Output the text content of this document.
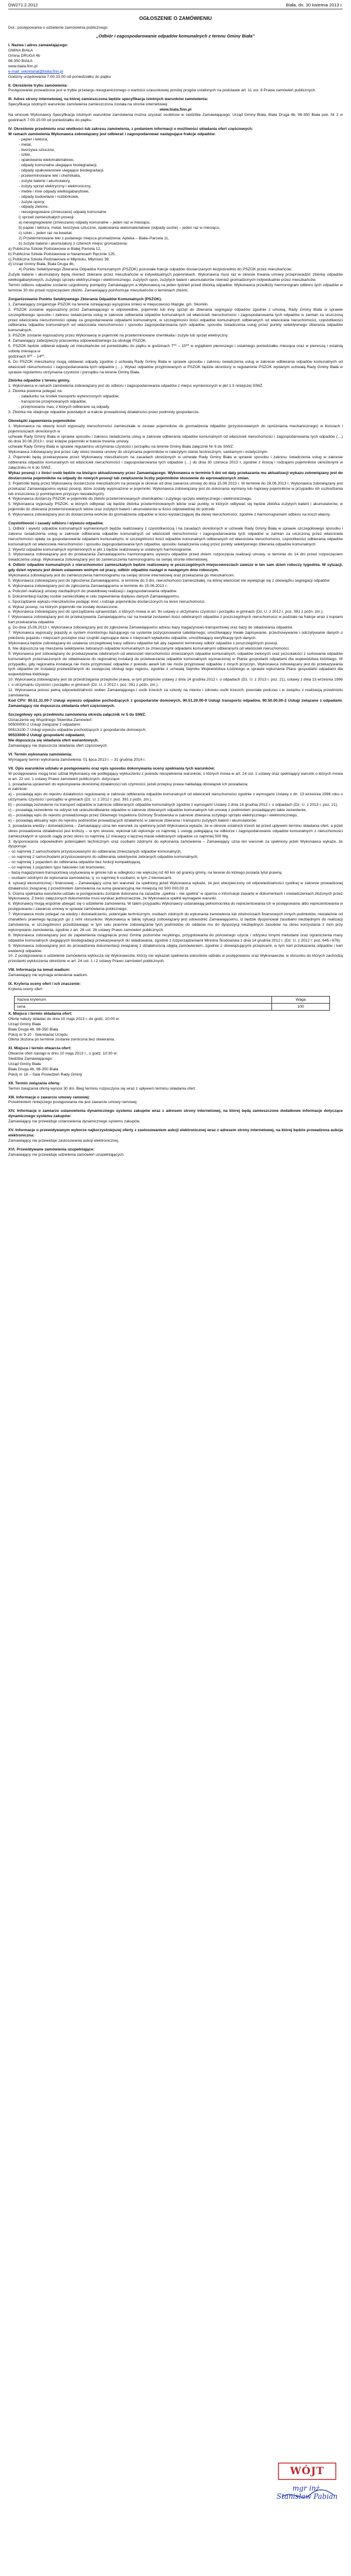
DW271.2.2012	Biała, dn. 30 kwietnia 2013 r.
OGŁOSZENIE O ZAMÓWIENIU
Dot.: postępowania o udzielenie zamówienia publicznego:
„Odbiór i zagospodarowanie odpadów komunalnych z terenu Gminy Biała”

I. Nazwa i adres zamawiającego:

GMINA BIAŁA

Gmina DRUGA 4b

98-350 BIAŁA

www.biala.finn.pl

e-mail: sekretariat@biala.finn.pl

Godziny urzędowania 7.00-15.00 od poniedziałku do piątku

II. Określenie trybu zamówienia:

Postępowanie prowadzone jest w trybie przetargu nieograniczonego o wartości szacunkowej poniżej progów ustalonych na podstawie art. 11 ust. 8 Prawa zamówień publicznych.

III. Adres strony internetowej, na której zamieszczona będzie specyfikacja istotnych warunków zamówienia:

Specyfikacja istotnych warunków zamówienia zamieszczona została na stronie internetowej:

www.biala.finn.pl

Na wniosek Wykonawcy Specyfikacja istotnych warunków zamówienia można uzyskać osobiście w siedzibie Zamawiającego: Urząd Gminy Biała, Biała Druga 4b, 98-350 Biała pok. Nr 2 w godzinach 7:00-15:00 od poniedziałku do piątku.

IV. Określenie przedmiotu oraz wielkości lub zakresu zamówienia, z podaniem informacji o możliwości składania ofert częściowych:

W ramach zamówienia Wykonawca zobowiązany jest odbierać i zagospodarować następujące frakcje odpadów:

- papier i tektura,

- metal,

- tworzywa sztuczne,

- szkło,

- opakowania wielomateriałowe,

- odpady komunalne ulegające biodegradacji,

- odpady opakowaniowe ulegające biodegradacji,

- przeterminowane leki i chemikalia,

- zużyte baterie i akumulatory,

- zużyty sprzęt elektryczny i elektroniczny,

- meble i inne odpady wielkogabarytowe,

- odpady budowlane i rozbiórkowe,

- zużyte opony,

- odpady zielone,

- niesegregowane (zmieszane) odpady komunalne

i) sprzed zamieszkałych posesji:

a) niesegregowane (zmieszane) odpady komunalne – jeden raz w miesiącu,

b) papier i tektura, metal, tworzywa sztuczne, opakowania wielomateriałowe (odpady suche) – jeden raz w miesiącu,

c) szkło – jeden raz na kwartał.

2) Przeterminowane leki z podanego miejsca gromadzenia: Apteka – Biała–Parcela 11,

b) zużyte baterie i akumulatory z czterech miejsc gromadzenia:

a) Publiczna Szkoła Podstawowa w Białej Parcela 12,

b) Publiczna Szkoła Podstawowa w Naramicach Ręcznie 125,

c) Publiczna Szkoła Podstawowa w Młynisku, Młynisko 39,

d) Urząd Gminy Biała, Biała Druga 4b,

4) Punktu Selektywnego Zbierania Odpadów Komunalnych (PSZOK) pozostałe frakcje odpadów dostarczanych bezpośrednio do PSZOK przez mieszkańców.

Zużyte baterie i akumulatory będą również zbierane przez mieszkańców w indywidualnych pojemnikach. Wykonawca musi raz w okresie trwania umowy przeprowadzić zbiórkę odpadów wielkogabarytowych, zużytego sprzętu elektrycznego i elektronicznego, zużytych opon, zużytych baterii i akumulatorów również gromadzonych indywidualnie przez mieszkańców.

Termin odbioru odpadów zostanie uzgodniony pomiędzy Zamawiającym a Wykonawcą na jeden tydzień przed zbiórką odpadów. Wykonawca przedłoży harmonogram odbioru tych odpadów w terminie 30 dni przed rozpoczęciem zbiórki. Zamawiający poinformuje mieszkańców o terminach zbiórki.

Zorganizowanie Punktu Selektywnego Zbierania Odpadów Komunalnych (PSZOK).

1. Zamawiający zorganizuje PSZOK na terenie istniejącego wysypiska śmieci w miejscowości Mazgłe, gm. Skomlin.

2. PSZOK zostanie wyposażony przez Zamawiającego w odpowiednie, pojemniki lub inny sprzęt do zbierania segregacji odpadów zgodnie z umową. Rady Gminy Biała w sprawie szczegółowego sposobu i zakresu świadczenia usług w zakresie odbierania odpadów komunalnych od właścicieli nieruchomości i zagospodarowania tych odpadów w zamian za uiszczoną przez właściciela nieruchomości opłatę za gospodarowanie odpadami komunalnymi, w szczególności ilości odpadów komunalnych odbieranych od właściciela nieruchomości, częstotliwości odbierania odpadów komunalnych od właściciela nieruchomości i sposobu zagospodarowania tych odpadów, sposobu świadczenia usług przez punkty selektywnego zbierania odpadów komunalnych.

3. PSZOK zostanie wyposażony przez Wykonawcę w pojemniki na przeterminowane chemikalia i zużyte lub sprzęt elektryczny.

4. Zamawiający zabezpieczy pracownika odpowiedzialnego za obsługę PSZOK.

5. PSZOK będzie odbierał odpady od mieszkańców od poniedziałku do piątku w godzinach 7⁰⁰ – 15⁰⁰ w wyjątkiem pierwszego i ostatniego poniedziałku miesiąca oraz w pierwszą i ostatnią sobotę miesiąca w

godzinach 8⁰⁰ – 14⁰⁰.

6. Do PSZOK mieszkańcy mogą oddawać odpady zgodnie z uchwałą Rady Gminy Biała w sprawie sposobu i zakresu świadczenia usług w zakresie odbierania odpadów komunalnych od właścicieli nieruchomości i zagospodarowania tych odpadów (…). Wykaz odpadów przyjmowanych w PSZOK będzie określony w regulaminie PSZOK wydanym uchwałą Rady Gminy Biała w sprawie regulaminu utrzymania czystości i porządku na terenie Gminy Biała.

Zbiórka odpadów z terenu gminy.

1. Wykonawca w ramach zamówienia zobowiązany jest do odbioru i zagospodarowania odpadów z miejsc wymienionych w pkt 1.3 niniejszej SIWZ.

2. Zbiórka powinna polegać na:

- załadunku na środek transportu wytworzonych odpadów,

- transporcie przejmowanych odpadów,

- przejmowaniu mas, z których odbierane są odpady.

3. Zbiórka nie obejmuje odpadów powstałych w trakcie prowadzonej działalności przez podmioty gospodarcze.

Obowiązki zapewnienia pojemników

1. Wykonawca na własny koszt wyposaży nieruchomości zamieszkałe w zestaw pojemników do gromadzenia odpadów (przystosowanych do opróżniania mechanicznego) w ilościach i pojemnościach określonych w

uchwale Rady Gminy Biała w sprawie sposobu i zakresu świadczenia usług w zakresie odbierania odpadów komunalnych od właścicieli nieruchomości i zagospodarowania tych odpadów (…) do dnia 30.06.2013 r. oraz kolejne pojemniki w trakcie trwania umowy.

uchwale Rady Gminy Biała w sprawie regulaminu utrzymania czystości i porządku na terenie Gminy Biała załącznik Nr 6 do SIWZ.

Wykonawca zobowiązany jest przez cały okres trwania umowy do utrzymania pojemników w należytym stanie technicznym, sanitarnym i estetycznym.

2. Pojemniki będą przekazywane przez Wykonawcę mieszkańcom na zasadach określonych w uchwale Rady Gminy Biała w sprawie sposobu i zakresu świadczenia usług w zakresie odbierania odpadów komunalnych od właścicieli nieruchomości i zagospodarowania tych odpadów (…) do dnia 30 czerwca 2013 r. zgodnie z ilością i rodzajami pojemników określonymi w załączniku nr 6 do SIWZ.

Wykaz posesji i z ilości osób będzie na bieżąco aktualizowany przez Zamawiającego. Wykonawca w terminie 5 dni od daty przekazania mu aktualizacji wykazu zobowiązany jest do dostarczenia pojemników na odpady do nowych posesji lub zwiększenia liczby pojemników stosownie do wprowadzonych zmian.

3. Pojemniki będą przez Wykonawcę dostarczone mieszkańcom na posesje w okresie od dnia zawarcia umowy do dnia 15.06.2013 r. W terminie do 28.06.2013 r. Wykonawca zobowiązany jest przekazać Zamawiającemu wykaz posesji, które zostały wyposażone w pojemniki. Wykonawca zobowiązany jest do dokonania wymiany lub naprawy pojemników w przypadku ich uszkodzenia lub zniszczenia (z pominięciem przyczyn niezależnych).

4. Wykonawca dostarczy PSZOK w pojemniki do zbiórki przeterminowanych chemikaliów i zużytego sprzętu elektrycznego i elektronicznego.

5. Wykonawca wyposaży PSZOK, w których odbywać się będzie zbiórka przeterminowanych leków oraz punkty, w których odbywać się będzie zbiórka zużytych baterii i akumulatorów, w pojemniki do zbierania przeterminowanych leków oraz zużytych baterii i akumulatorów w ilości odpowiedniej do potrzeb

6. Wykonawca zobowiązany jest do dostarczenia worków do gromadzenia odpadów w ilości wystarczającej dla danej nieruchomości, zgodnie z harmonogramem odbioru na koszt własny.

Częstotliwość i zasady odbioru i wywozu odpadów.

1. Odbiór i wywóz odpadów komunalnych wymienionych będzie realizowany z częstotliwością i na zasadach określonych w uchwale Rady Gminy Biała w sprawie szczegółowego sposobu i zakresu świadczenia usług w zakresie odbierania odpadów komunalnych od właścicieli nieruchomości i zagospodarowania tych odpadów w zamian za uiszczoną przez właściciela nieruchomości opłatę za gospodarowanie odpadami komunalnymi, w szczególności ilości odpadów komunalnych odbieranych od właściciela nieruchomości, częstotliwości odbierania odpadów komunalnych od właściciela nieruchomości i sposobu zagospodarowania tych odpadów, sposobu świadczenia usług przez punkty selektywnego zbierania odpadów komunalnych

2. Wywóz odpadów komunalnych wymienionych w pkt 1 będzie realizowany w ustalonym harmonogramie.

3. Wykonawca zobowiązany jest do przekazania Zamawiającemu harmonogramu wywozu odpadów przed dniem rozpoczęcia realizacji umowy, w terminie do 14 dni przed rozpoczęciem świadczenia usługi. Wykonawca zobowiązany jest do zamieszczenia harmonogramu na swojej stronie internetowej.

4. Odbiór odpadów komunalnych z nieruchomości zamieszkałych będzie realizowany w poszczególnych miejscowościach zawsze w ten sam dzień roboczy tygodnia. W sytuacji, gdy dzień wywozu jest dniem ustawowo wolnym od pracy, odbiór odpadów nastąpi w następnym dniu roboczym.

Wykonawca zobowiązany jest do zamieszczenia harmonogramu na swojej stronie internetowej oraz przekazania go mieszkańcom.

5. Wykonawca zobowiązany jest do zgłoszenia Zamawiającemu, w terminie do 3 dni, nieruchomości zamieszkałej, na której właściciel nie wywiązuje się z obowiązku segregacji odpadów

6. Wykonawca zobowiązany jest do zgłoszenia Zamawiającemu w terminie do 15.06.2013 r.:

a. Policzeń realizacji umowy niezbędnych do prawidłowej realizacji i zagospodarowania odpadów.

b. Dokumentacji każdej osobie zamieszkałej w celu zapewnienia dopływu danych Zamawiającemu.

c. Sporządzanie wykazu mieszkańców podając ilość i rodzaje pojemników dostarczonych na teren nieruchomości.

d. Wykaz posesji, na których pojemniki nie zostały dostarczone.

e. Wykonawca zobowiązany jest do sporządzania sprawozdań, o których mowa w art. 9n ustawy o utrzymaniu czystości i porządku w gminach (Dz. U. z 2012 r. poz. 391 z późn. zm.).

f. Wykonawca zobowiązany jest do przekazywania Zamawiającemu raz na kwartał zestawień ilości odebranych odpadów z poszczególnych nieruchomości w podziale na frakcje wraz z kopiami kart przekazania odpadów.

g. Do dnia 15.06.2013 r. Wykonawca zobowiązany jest do zgłoszenia Zamawiającemu adresu bazy magazynowo-transportowej oraz bazy do składowania odpadów.

7. Wykonawca wyposaży pojazdy w system monitoringu bazującego na systemie pozycjonowania satelitarnego, umożliwiający trwałe zapisywanie, przechowywanie i odczytywanie danych o położeniu pojazdu i miejscach postojów oraz czujniki zapisujące dane o miejscach wyładunku odpadów, umożliwiający weryfikację tych danych.

Wykonawca będzie zobowiązany do ustalenia szczegółowej trasy odbioru odpadów tak aby zapewnić terminowy odbiór odpadów z poszczególnych posesji.

8. Nie dopuszcza się mieszania selektywnie zebranych odpadów komunalnych ze zmieszanymi odpadami komunalnymi odbieranymi od właścicieli nieruchomości.

9. Wykonawca jest zobowiązany do przekazywania odebranych od właścicieli nieruchomości zmieszanych odpadów komunalnych, odpadów zielonych oraz pozostałości z sortowania odpadów komunalnych przeznaczonych do składowania do regionalnej instalacji do przetwarzania odpadów komunalnych wyznaczonej w Planie gospodarki odpadami dla województwa łódzkiego. W przypadku, gdy regionalna instalacja nie może przyjmować odpadów z powodu awarii lub nie może przyjmować odpadów z innych przyczyn, Wykonawca zobowiązany jest do przekazywania tych odpadów do instalacji przewidzianych do zastępczej obsługi tego regionu, zgodnie z uchwałą Sejmiku Województwa Łódzkiego w sprawie wykonania Planu gospodarki odpadami dla województwa łódzkiego.

10. Wykonawca zobowiązany jest do przestrzegania przepisów prawa, w tym przepisów ustawy z dnia 14 grudnia 2012 r. o odpadach (Dz. U. z 2013 r. poz. 21), ustawy z dnia 13 września 1996 r. o utrzymaniu czystości i porządku w gminach (Dz. U. z 2012 r. poz. 391 z późn. zm.).

11. Wykonawca ponosi pełną odpowiedzialność wobec Zamawiającego i osób trzecich za szkody na mieniu i zdrowiu osób trzecich, powstałe podczas i w związku z realizacją przedmiotu zamówienia.

Kod CPV: 90.51.31.00-7 Usługi wywozu odpadów pochodzących z gospodarstw domowych, 90.51.20.00-9 Usługi transportu odpadów, 90.50.00.00-2 Usługi związane z odpadami. Zamawiający nie dopuszcza składania ofert częściowych.

Szczegółowy opis przedmiotu zamówienia określa załącznik nr 5 do SIWZ.

Oznaczenie wg Wspólnego Słownika Zamówień:

90500000-2 Usługi związane z odpadami;

90513100-7 Usługi wywozu odpadów pochodzących z gospodarstw domowych;

90533000-2 Usługi gospodarki odpadami;

Nie dopuszcza się składania ofert wariantowych.

Zamawiający nie dopuszcza składania ofert częściowych.

VI. Termin wykonania zamówienia:

Wymagany termin wykonania zamówienia: 01 lipca 2013 r. – 31 grudnia 2014 r.

VII. Opis warunków udziału w postępowaniu oraz opis sposobu dokonywania oceny spełniania tych warunków:

W postępowaniu mogą brać udział Wykonawcy nie podlegający wykluczeniu z powodu niespełnienia warunków, o których mowa w art. 24 ust. 1 ustawy oraz spełniający warunki o których mowa w art. 22 ust. 1 ustawy Prawo zamówień publicznych, dotyczące:

1. posiadania uprawnień do wykonywania określonej działalności lub czynności, jeżeli przepisy prawa nakładają obowiązek ich posiadania;

w zakresie:

a) – posiadają wpis do rejestru działalności regulowanej w zakresie odbierania odpadów komunalnych od właścicieli nieruchomości zgodnie z wymogami Ustawy z dn. 13 września 1996 roku o utrzymaniu czystości i porządku w gminach (Dz. U. z 2012 r. poz. 391 z późn. zm.),

b) – posiadają zezwolenie na transport odpadów w zakresie odbieranych odpadów komunalnych zgodnie z wymogami Ustawy z dnia 14 grudnia 2012 r. o odpadach (Dz. U. z 2013 r. poz. 21),

c) – posiadają zezwolenie na odzysk lub unieszkodliwianie odpadów w zakresie zbieranych odpadów komunalnych lub umowę z podmiotem posiadającym takie zezwolenie,

d) – posiadają wpis do rejestru prowadzonego przez Głównego Inspektora Ochrony Środowiska w zakresie zbierania zużytego sprzętu elektrycznego i elektronicznego,

e) – posiadają aktualny wpis do rejestru podmiotów prowadzących działalność w zakresie zbierania i transportu zużytych baterii i akumulatorów.

2. posiadania wiedzy i doświadczenia – Zamawiający uzna ten warunek za spełniony jeżeli Wykonawca wykaże, że w okresie ostatnich trzech lat przed upływem terminu składania ofert, a jeżeli okres prowadzenia działalności jest krótszy – w tym okresie, wykonał lub wykonuje co najmniej 1 usługę polegającą na odbiorze i zagospodarowaniu odpadów komunalnych z nieruchomości zamieszkałych w sposób ciągły przez okres co najmniej 12 miesięcy o łącznej masie odebranych odpadów co najmniej 500 Mg.

3. dysponowania odpowiednim potencjałem technicznym oraz osobami zdolnymi do wykonania zamówienia – Zamawiający uzna ten warunek za spełniony jeżeli Wykonawca wykaże, że dysponuje:

– co najmniej 2 samochodami przystosowanymi do odbierania zmieszanych odpadów komunalnych,

– co najmniej 2 samochodami przystosowanymi do odbierania selektywnie zebranych odpadów komunalnych,

– co najmniej 1 pojazdem do odbierania odpadów bez funkcji kompaktującej,

– co najmniej 1 pojazdem typu hakowiec lub bramowiec,

– bazą magazynowo-transportową usytuowaną w gminie lub w odległości nie większej niż 60 km od granicy gminy, na terenie do którego posiada tytuł prawny,

– osobami zdolnymi do wykonania zamówienia, tj. co najmniej 6 osobami, w tym 2 kierowcami.

4. sytuacji ekonomicznej i finansowej – Zamawiający uzna ten warunek za spełniony jeżeli Wykonawca wykaże, że jest ubezpieczony od odpowiedzialności cywilnej w zakresie prowadzonej działalności związanej z przedmiotem zamówienia na sumę gwarancyjną nie mniejszą niż 500 000,00 zł.

5. Ocena spełniania warunków udziału w postępowaniu zostanie dokonana na zasadzie „spełnia – nie spełnia” w oparciu o informacje zawarte w dokumentach i oświadczeniach złożonych przez Wykonawcę. Z treści załączonych dokumentów musi wynikać jednoznacznie, że Wykonawca spełnił wymagane warunki.

6. Wykonawcy mogą wspólnie ubiegać się o udzielenie zamówienia. W takim przypadku Wykonawcy ustanawiają pełnomocnika do reprezentowania ich w postępowaniu albo reprezentowania w postępowaniu i zawarcia umowy w sprawie zamówienia publicznego.

7. Wykonawca może polegać na wiedzy i doświadczeniu, potencjale technicznym, osobach zdolnych do wykonania zamówienia lub zdolnościach finansowych innych podmiotów, niezależnie od charakteru prawnego łączących go z nimi stosunków. Wykonawca w takiej sytuacji zobowiązany jest udowodnić Zamawiającemu, iż będzie dysponował zasobami niezbędnymi do realizacji zamówienia, w szczególności przedstawiając w tym celu pisemne zobowiązanie tych podmiotów do oddania mu do dyspozycji niezbędnych zasobów na okres korzystania z nich przy wykonywaniu zamówienia, zgodnie z art. 26 ust. 2b ustawy Prawo zamówień publicznych.

8. Wykonawca zobowiązany jest do zapewnienia osiągnięcia przez Gminę poziomów recyklingu, przygotowania do ponownego użycia i odzysku innymi metodami oraz ograniczenia masy odpadów komunalnych ulegających biodegradacji przekazywanych do składowania, zgodnie z rozporządzeniami Ministra Środowiska z dnia 14 grudnia 2012 r. (Dz. U. z 2012 r. poz. 645 i 676).

9. Wykonawca zobowiązany jest do prowadzenia dokumentacji związanej z działalnością objętą zamówieniem, zgodnie z obowiązującymi przepisami, w tym kart przekazania odpadów i kart ewidencji odpadów.

10. Z postępowania o udzielenie zamówienia wyklucza się Wykonawców, którzy nie wykazali spełnienia warunków udziału w postępowaniu oraz Wykonawców, w stosunku do których zachodzą przesłanki wykluczenia określone w art. 24 ust. 1 i 2 ustawy Prawo zamówień publicznych.

VIII. Informacja na temat wadium:

Zamawiający nie wymaga wniesienia wadium.

IX. Kryteria oceny ofert i ich znaczenie:

Kryteria oceny ofert:

Nazwa kryterium	Waga
cena	100

X. Miejsce i termin składania ofert:

Ofertę należy składać do dnia 10 maja 2013 r. do godz. 10:00 w:

Urząd Gminy Biała

Biała Druga 4b, 98-350 Biała

Pokój nr 9-10 - Sekretariat Urzędu

Oferta złożona po terminie zostanie zwrócona bez otwierania.

XI. Miejsce i termin otwarcia ofert:

Otwarcie ofert nastąpi w dniu 10 maja 2013 r., o godz. 10:30 w:

Siedziba Zamawiającego:

Urząd Gminy Biała

Biała Druga 4b, 98-350 Biała

Pokój nr 18 – Sala Posiedzeń Rady Gminy

XII. Termin związania ofertą:

Termin związania ofertą wynosi 30 dni. Bieg terminu rozpoczyna się wraz z upływem terminu składania ofert.

XIII. Informacje o zawarciu umowy ramowej:

Przedmiotem niniejszego postępowania nie jest zawarcie umowy ramowej.

XIV. Informacje o zamiarze ustanowienia dynamicznego systemu zakupów wraz z adresem strony internetowej, na której będą zamieszczone dodatkowe informacje dotyczące dynamicznego systemu zakupów:

Zamawiający nie przewiduje ustanowienia dynamicznego systemu zakupów.

XV. Informacje o przewidywanym wyborze najkorzystniejszej oferty z zastosowaniem aukcji elektronicznej wraz z adresem strony internetowej, na której będzie prowadzona aukcja elektroniczna:

Zamawiający nie przewiduje zastosowania aukcji elektronicznej.

XVI. Przewidywane zamówienia uzupełniające:

Zamawiający nie przewiduje udzielenia zamówień uzupełniających.

WÓJT
mgr inż. Stanisław Pabian
